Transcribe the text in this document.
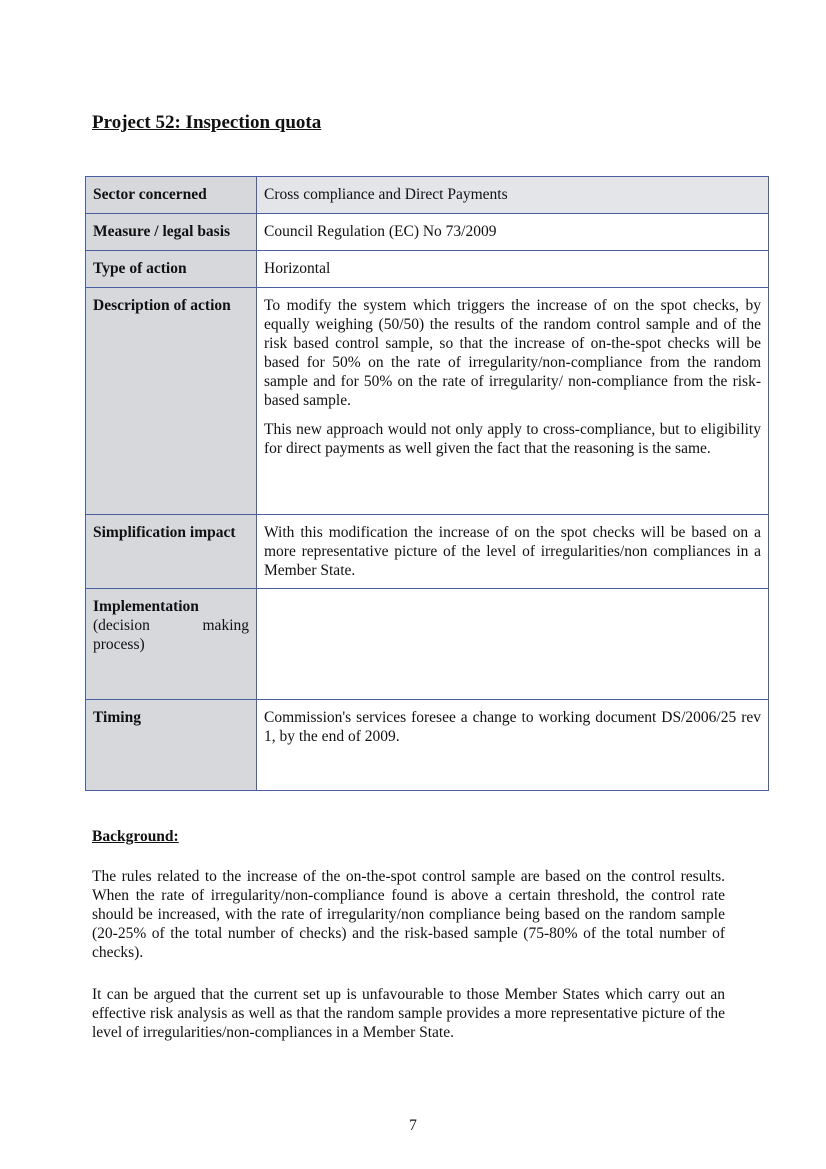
Project 52: Inspection quota
Sector concerned	Cross compliance and Direct Payments
Measure / legal basis	Council Regulation (EC) No 73/2009
Type of action	Horizontal
Description of action	To modify the system which triggers the increase of on the spot checks, by equally weighing (50/50) the results of the random control sample and of the risk based control sample, so that the increase of on-the-spot checks will be based for 50% on the rate of irregularity/non-compliance from the random sample and for 50% on the rate of irregularity/ non-compliance from the risk-based sample.

This new approach would not only apply to cross-compliance, but to eligibility for direct payments as well given the fact that the reasoning is the same.

Simplification impact	With this modification the increase of on the spot checks will be based on a more representative picture of the level of irregularities/non compliances in a Member State.

Implementation
(decision making
process)	

Timing	Commission's services foresee a change to working document DS/2006/25 rev 1, by the end of 2009.

Background:

The rules related to the increase of the on-the-spot control sample are based on the control results. When the rate of irregularity/non-compliance found is above a certain threshold, the control rate should be increased, with the rate of irregularity/non compliance being based on the random sample (20-25% of the total number of checks) and the risk-based sample (75-80% of the total number of checks).

It can be argued that the current set up is unfavourable to those Member States which carry out an effective risk analysis as well as that the random sample provides a more representative picture of the level of irregularities/non-compliances in a Member State.

7
